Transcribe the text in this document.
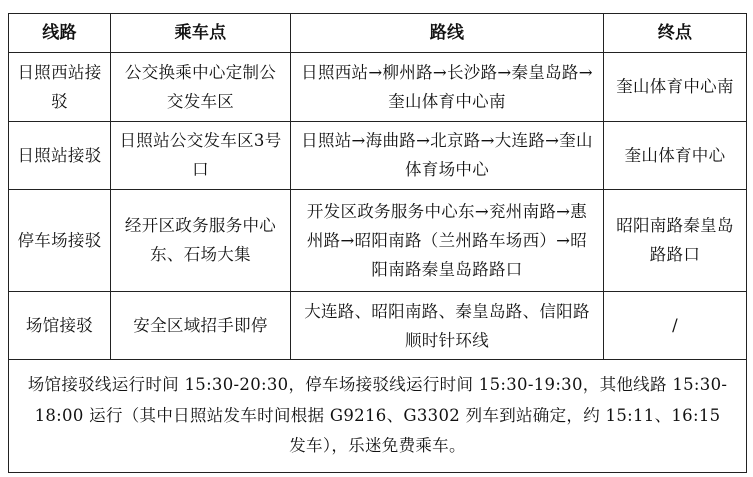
线路	乘车点	路线	终点
日照西站接驳	公交换乘中心定制公交发车区	日照西站→柳州路→长沙路→秦皇岛路→奎山体育中心南	奎山体育中心南
日照站接驳	日照站公交发车区3号口	日照站→海曲路→北京路→大连路→奎山体育场中心	奎山体育中心
停车场接驳	经开区政务服务中心东、石场大集	开发区政务服务中心东→兖州南路→惠州路→昭阳南路（兰州路车场西）→昭阳南路秦皇岛路路口	昭阳南路秦皇岛路路口
场馆接驳	安全区域招手即停	大连路、昭阳南路、秦皇岛路、信阳路顺时针环线	/
场馆接驳线运行时间 15:30-20:30，停车场接驳线运行时间 15:30-19:30，其他线路 15:30-18:00 运行（其中日照站发车时间根据 G9216、G3302 列车到站确定，约 15:11、16:15 发车），乐迷免费乘车。			
